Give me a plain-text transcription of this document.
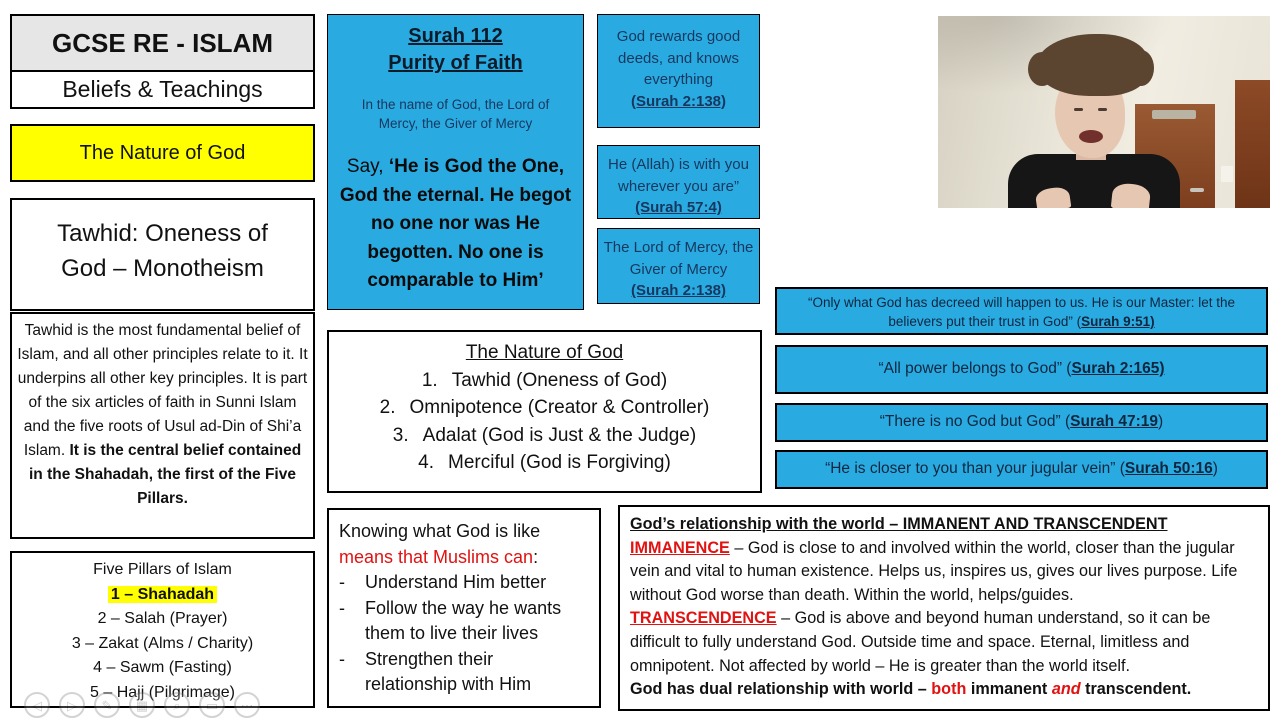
GCSE RE - ISLAM
Beliefs & Teachings
The Nature of God
Tawhid: Oneness of
God – Monotheism
Tawhid is the most fundamental belief of Islam, and all other principles relate to it. It underpins all other key principles. It is part of the six articles of faith in Sunni Islam and the five roots of Usul ad-Din of Shi’a Islam. It is the central belief contained in the Shahadah, the first of the Five Pillars.
Five Pillars of Islam
1 – Shahadah
2 – Salah (Prayer)
3 – Zakat (Alms / Charity)
4 – Sawm (Fasting)
5 – Hajj (Pilgrimage)
Surah 112
Purity of Faith
In the name of God, the Lord of Mercy, the Giver of Mercy
Say, ‘He is God the One, God the eternal. He begot no one nor was He begotten. No one is comparable to Him’
God rewards good deeds, and knows everything
(Surah 2:138)
He (Allah) is with you wherever you are” (Surah 57:4)
The Lord of Mercy, the Giver of Mercy
(Surah 2:138)
The Nature of God
1. Tawhid (Oneness of God)
2. Omnipotence (Creator & Controller)
3. Adalat (God is Just & the Judge)
4. Merciful (God is Forgiving)
Knowing what God is like
means that Muslims can:
-	Understand Him better
-	Follow the way he wants them to live their lives
-	Strengthen their relationship with Him
“Only what God has decreed will happen to us. He is our Master: let the believers put their trust in God” (Surah 9:51)
“All power belongs to God” (Surah 2:165)
“There is no God but God” (Surah 47:19)
“He is closer to you than your jugular vein” (Surah 50:16)
God’s relationship with the world – IMMANENT AND TRANSCENDENT
IMMANENCE – God is close to and involved within the world, closer than the jugular vein and vital to human existence. Helps us, inspires us, gives our lives purpose. Life without God worse than death. Within the world, helps/guides.
TRANSCENDENCE – God is above and beyond human understand, so it can be difficult to fully understand God. Outside time and space. Eternal, limitless and omnipotent. Not affected by world – He is greater than the world itself.
God has dual relationship with world – both immanent and transcendent.
◁	▷	✎	▦	⌕	▭	⋯
